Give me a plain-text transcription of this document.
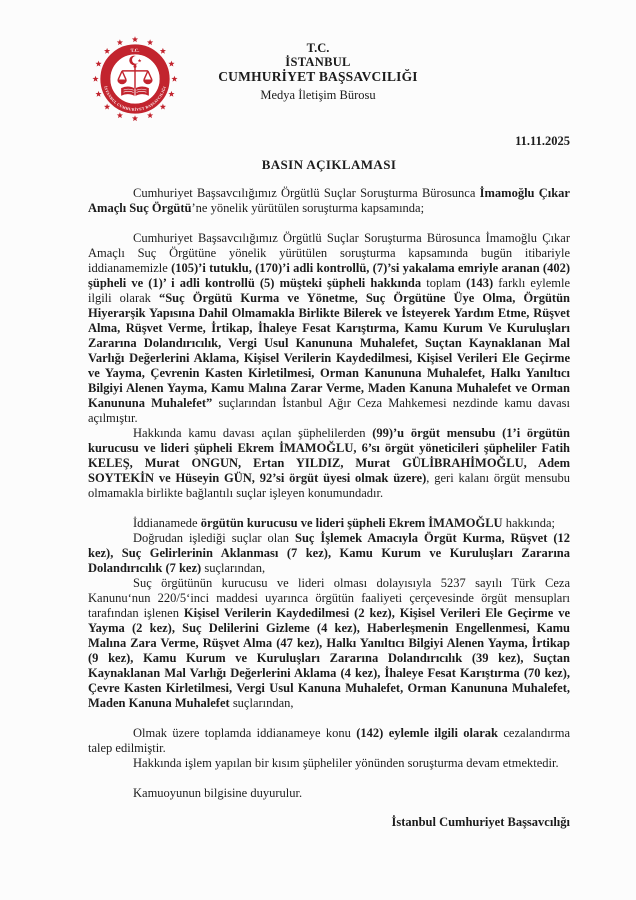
T.C.
İSTANBUL CUMHURİYET BAŞSAVCILIĞI

T.C.

İSTANBUL

CUMHURİYET BAŞSAVCILIĞI

Medya İletişim Bürosu

11.11.2025
BASIN AÇIKLAMASI

Cumhuriyet Başsavcılığımız Örgütlü Suçlar Soruşturma Bürosunca İmamoğlu Çıkar Amaçlı Suç Örgütü’ne yönelik yürütülen soruşturma kapsamında;

Cumhuriyet Başsavcılığımız Örgütlü Suçlar Soruşturma Bürosunca İmamoğlu Çıkar Amaçlı Suç Örgütüne yönelik yürütülen soruşturma kapsamında bugün itibariyle iddianamemizle (105)’i tutuklu, (170)’i adli kontrollü, (7)’si yakalama emriyle aranan (402) şüpheli ve (1)’ i adli kontrollü (5) müşteki şüpheli hakkında toplam (143) farklı eylemle ilgili olarak “Suç Örgütü Kurma ve Yönetme, Suç Örgütüne Üye Olma, Örgütün Hiyerarşik Yapısına Dahil Olmamakla Birlikte Bilerek ve İsteyerek Yardım Etme, Rüşvet Alma, Rüşvet Verme, İrtikap, İhaleye Fesat Karıştırma, Kamu Kurum Ve Kuruluşları Zararına Dolandırıcılık, Vergi Usul Kanununa Muhalefet, Suçtan Kaynaklanan Mal Varlığı Değerlerini Aklama, Kişisel Verilerin Kaydedilmesi, Kişisel Verileri Ele Geçirme ve Yayma, Çevrenin Kasten Kirletilmesi, Orman Kanununa Muhalefet, Halkı Yanıltıcı Bilgiyi Alenen Yayma, Kamu Malına Zarar Verme, Maden Kanuna Muhalefet ve Orman Kanununa Muhalefet” suçlarından İstanbul Ağır Ceza Mahkemesi nezdinde kamu davası açılmıştır.

Hakkında kamu davası açılan şüphelilerden (99)’u örgüt mensubu (1’i örgütün kurucusu ve lideri şüpheli Ekrem İMAMOĞLU, 6’sı örgüt yöneticileri şüpheliler Fatih KELEŞ, Murat ONGUN, Ertan YILDIZ, Murat GÜLİBRAHİMOĞLU, Adem SOYTEKİN ve Hüseyin GÜN, 92’si örgüt üyesi olmak üzere), geri kalanı örgüt mensubu olmamakla birlikte bağlantılı suçlar işleyen konumundadır.

İddianamede örgütün kurucusu ve lideri şüpheli Ekrem İMAMOĞLU hakkında;

Doğrudan işlediği suçlar olan Suç İşlemek Amacıyla Örgüt Kurma, Rüşvet (12 kez), Suç Gelirlerinin Aklanması (7 kez), Kamu Kurum ve Kuruluşları Zararına Dolandırıcılık (7 kez) suçlarından,

Suç örgütünün kurucusu ve lideri olması dolayısıyla 5237 sayılı Türk Ceza Kanunu‘nun 220/5‘inci maddesi uyarınca örgütün faaliyeti çerçevesinde örgüt mensupları tarafından işlenen Kişisel Verilerin Kaydedilmesi (2 kez), Kişisel Verileri Ele Geçirme ve Yayma (2 kez), Suç Delilerini Gizleme (4 kez), Haberleşmenin Engellenmesi, Kamu Malına Zara Verme, Rüşvet Alma (47 kez), Halkı Yanıltıcı Bilgiyi Alenen Yayma, İrtikap (9 kez), Kamu Kurum ve Kuruluşları Zararına Dolandırıcılık (39 kez), Suçtan Kaynaklanan Mal Varlığı Değerlerini Aklama (4 kez), İhaleye Fesat Karıştırma (70 kez), Çevre Kasten Kirletilmesi, Vergi Usul Kanuna Muhalefet, Orman Kanununa Muhalefet, Maden Kanuna Muhalefet suçlarından,

Olmak üzere toplamda iddianameye konu (142) eylemle ilgili olarak cezalandırma talep edilmiştir.

Hakkında işlem yapılan bir kısım şüpheliler yönünden soruşturma devam etmektedir.

Kamuoyunun bilgisine duyurulur.

İstanbul Cumhuriyet Başsavcılığı
